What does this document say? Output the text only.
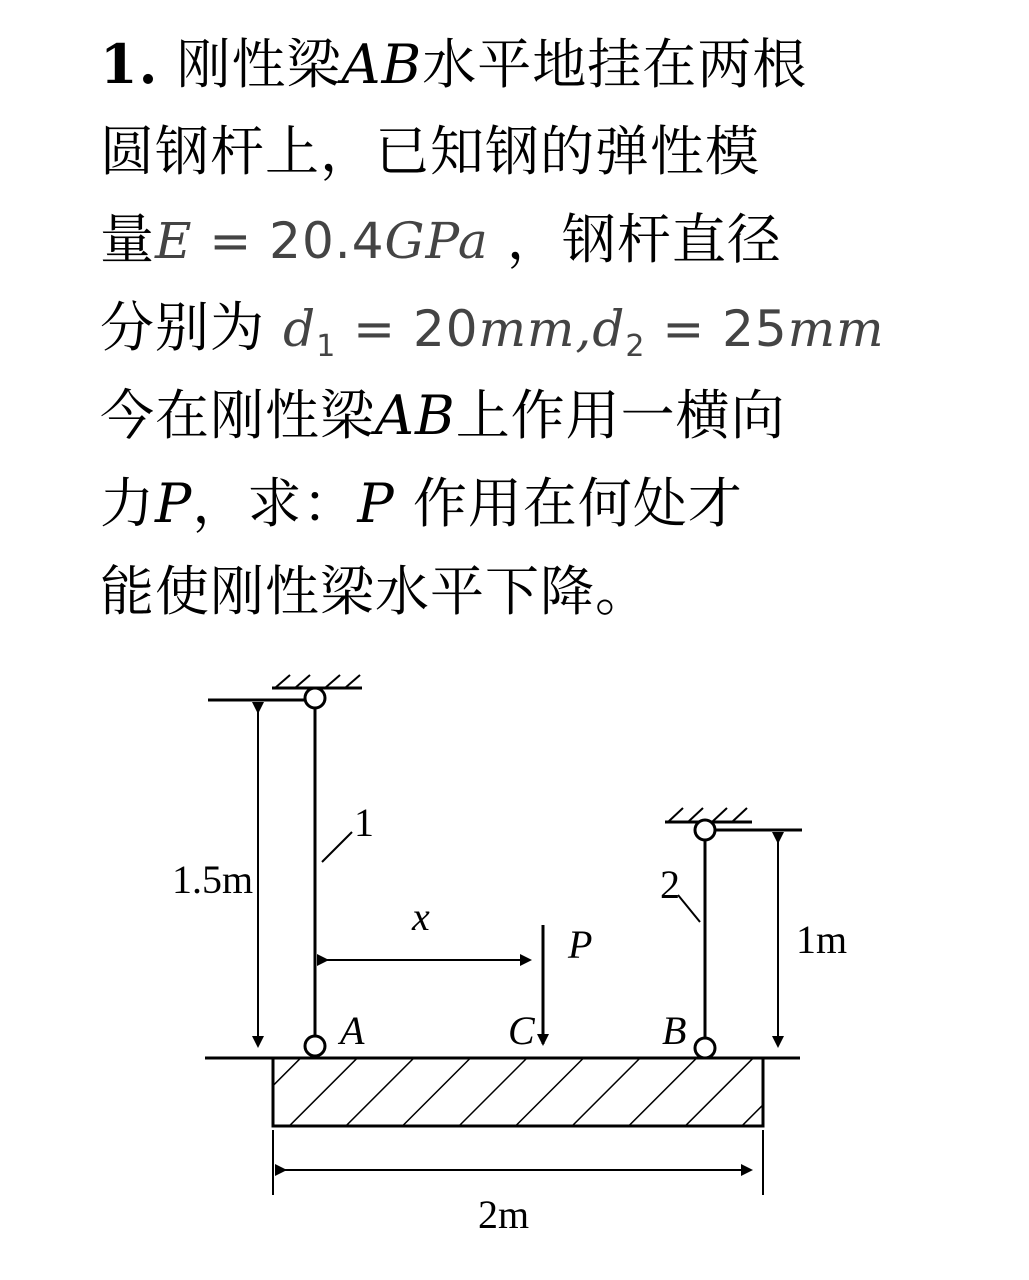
1. 刚性梁AB水平地挂在两根
圆钢杆上，已知钢的弹性模
量E = 20.4GPa ，钢杆直径
分别为 $d_1 = 20mm,d_2 = 25mm$
今在刚性梁AB上作用一横向
力P，求：P 作用在何处才
能使刚性梁水平下降。
1
2
1.5m
1m
x
P
A	C	B
2m
